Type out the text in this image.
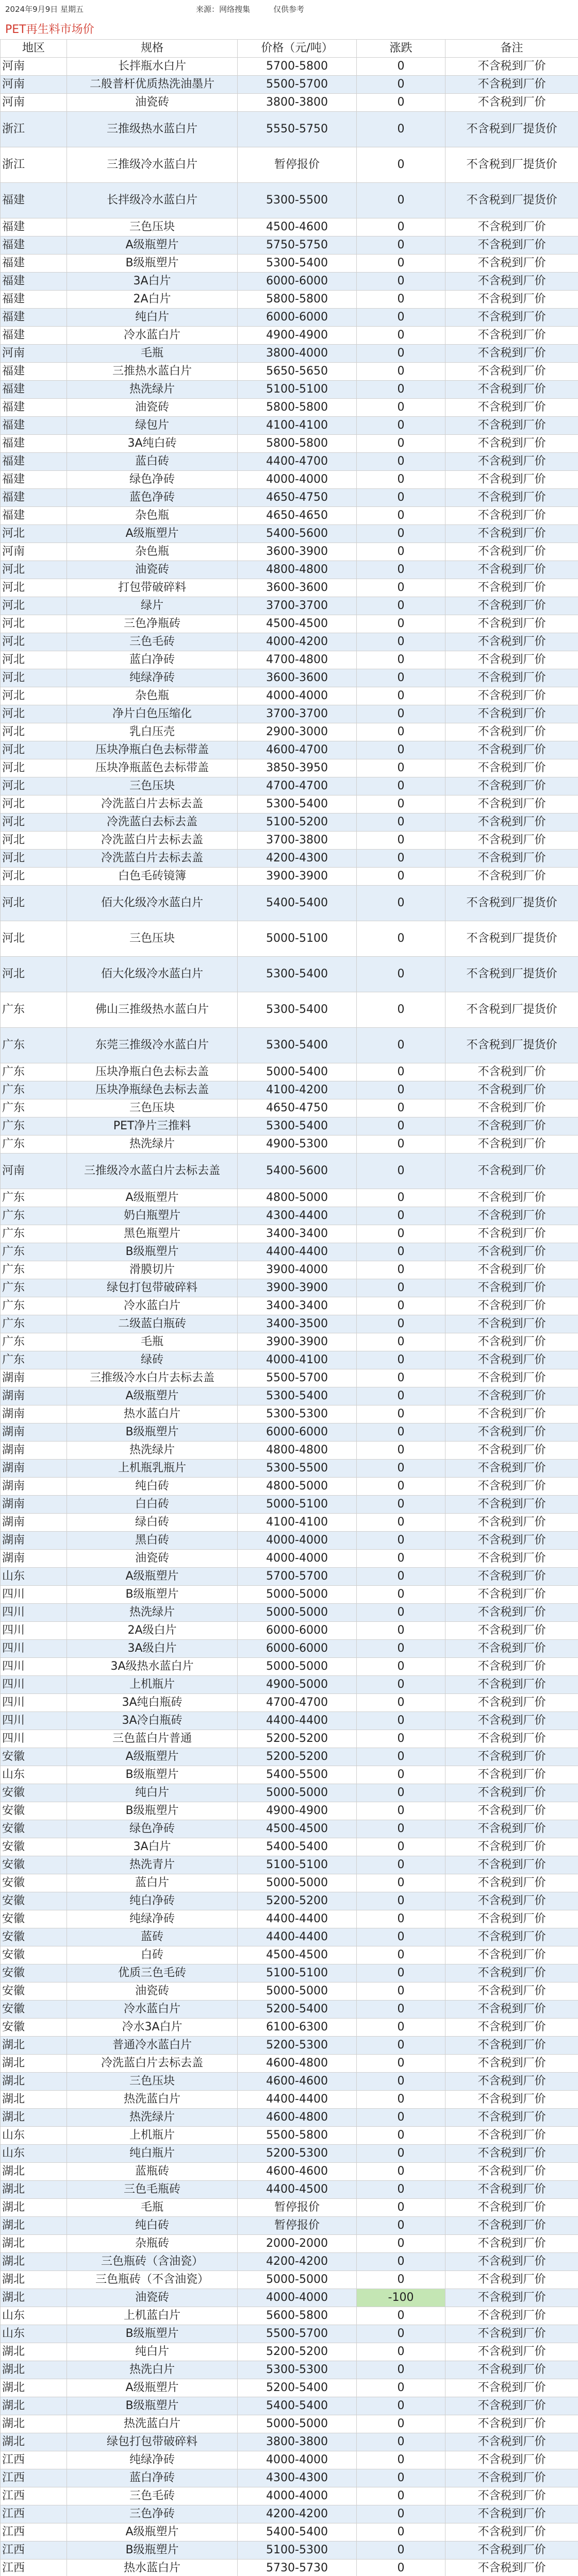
2024年9月9日 星期五	来源：网络搜集	仅供参考
PET再生料市场价
地区	规格	价格（元/吨）	涨跌	备注
河南	长拌瓶水白片	5700-5800	0	不含税到厂价
河南	二般普杆优质热洗油墨片	5500-5700	0	不含税到厂价
河南	油瓷砖	3800-3800	0	不含税到厂价
浙江	三推级热水蓝白片	5550-5750	0	不含税到厂提货价
浙江	三推级冷水蓝白片	暂停报价	0	不含税到厂提货价
福建	长拌级冷水蓝白片	5300-5500	0	不含税到厂提货价
福建	三色压块	4500-4600	0	不含税到厂价
福建	A级瓶塑片	5750-5750	0	不含税到厂价
福建	B级瓶塑片	5300-5400	0	不含税到厂价
福建	3A白片	6000-6000	0	不含税到厂价
福建	2A白片	5800-5800	0	不含税到厂价
福建	纯白片	6000-6000	0	不含税到厂价
福建	冷水蓝白片	4900-4900	0	不含税到厂价
河南	毛瓶	3800-4000	0	不含税到厂价
福建	三推热水蓝白片	5650-5650	0	不含税到厂价
福建	热洗绿片	5100-5100	0	不含税到厂价
福建	油瓷砖	5800-5800	0	不含税到厂价
福建	绿包片	4100-4100	0	不含税到厂价
福建	3A纯白砖	5800-5800	0	不含税到厂价
福建	蓝白砖	4400-4700	0	不含税到厂价
福建	绿色净砖	4000-4000	0	不含税到厂价
福建	蓝色净砖	4650-4750	0	不含税到厂价
福建	杂色瓶	4650-4650	0	不含税到厂价
河北	A级瓶塑片	5400-5600	0	不含税到厂价
河南	杂色瓶	3600-3900	0	不含税到厂价
河北	油瓷砖	4800-4800	0	不含税到厂价
河北	打包带破碎料	3600-3600	0	不含税到厂价
河北	绿片	3700-3700	0	不含税到厂价
河北	三色净瓶砖	4500-4500	0	不含税到厂价
河北	三色毛砖	4000-4200	0	不含税到厂价
河北	蓝白净砖	4700-4800	0	不含税到厂价
河北	纯绿净砖	3600-3600	0	不含税到厂价
河北	杂色瓶	4000-4000	0	不含税到厂价
河北	净片白色压缩化	3700-3700	0	不含税到厂价
河北	乳白压壳	2900-3000	0	不含税到厂价
河北	压块净瓶白色去标带盖	4600-4700	0	不含税到厂价
河北	压块净瓶蓝色去标带盖	3850-3950	0	不含税到厂价
河北	三色压块	4700-4700	0	不含税到厂价
河北	冷洗蓝白片去标去盖	5300-5400	0	不含税到厂价
河北	冷洗蓝白去标去盖	5100-5200	0	不含税到厂价
河北	冷洗蓝白片去标去盖	3700-3800	0	不含税到厂价
河北	冷洗蓝白片去标去盖	4200-4300	0	不含税到厂价
河北	白色毛砖镜簿	3900-3900	0	不含税到厂价
河北	佰大化级冷水蓝白片	5400-5400	0	不含税到厂提货价
河北	三色压块	5000-5100	0	不含税到厂提货价
河北	佰大化级冷水蓝白片	5300-5400	0	不含税到厂提货价
广东	佛山三推级热水蓝白片	5300-5400	0	不含税到厂提货价
广东	东莞三推级冷水蓝白片	5300-5400	0	不含税到厂提货价
广东	压块净瓶白色去标去盖	5000-5400	0	不含税到厂价
广东	压块净瓶绿色去标去盖	4100-4200	0	不含税到厂价
广东	三色压块	4650-4750	0	不含税到厂价
广东	PET净片三推料	5300-5400	0	不含税到厂价
广东	热洗绿片	4900-5300	0	不含税到厂价
河南	三推级冷水蓝白片去标去盖	5400-5600	0	不含税到厂价
广东	A级瓶塑片	4800-5000	0	不含税到厂价
广东	奶白瓶塑片	4300-4400	0	不含税到厂价
广东	黑色瓶塑片	3400-3400	0	不含税到厂价
广东	B级瓶塑片	4400-4400	0	不含税到厂价
广东	滑膜切片	3900-4000	0	不含税到厂价
广东	绿包打包带破碎料	3900-3900	0	不含税到厂价
广东	冷水蓝白片	3400-3400	0	不含税到厂价
广东	二级蓝白瓶砖	3400-3500	0	不含税到厂价
广东	毛瓶	3900-3900	0	不含税到厂价
广东	绿砖	4000-4100	0	不含税到厂价
湖南	三推级冷水白片去标去盖	5500-5700	0	不含税到厂价
湖南	A级瓶塑片	5300-5400	0	不含税到厂价
湖南	热水蓝白片	5300-5300	0	不含税到厂价
湖南	B级瓶塑片	6000-6000	0	不含税到厂价
湖南	热洗绿片	4800-4800	0	不含税到厂价
湖南	上机瓶乳瓶片	5300-5500	0	不含税到厂价
湖南	纯白砖	4800-5000	0	不含税到厂价
湖南	白白砖	5000-5100	0	不含税到厂价
湖南	绿白砖	4100-4100	0	不含税到厂价
湖南	黑白砖	4000-4000	0	不含税到厂价
湖南	油瓷砖	4000-4000	0	不含税到厂价
山东	A级瓶塑片	5700-5700	0	不含税到厂价
四川	B级瓶塑片	5000-5000	0	不含税到厂价
四川	热洗绿片	5000-5000	0	不含税到厂价
四川	2A级白片	6000-6000	0	不含税到厂价
四川	3A级白片	6000-6000	0	不含税到厂价
四川	3A级热水蓝白片	5000-5000	0	不含税到厂价
四川	上机瓶片	4900-5000	0	不含税到厂价
四川	3A纯白瓶砖	4700-4700	0	不含税到厂价
四川	3A冷白瓶砖	4400-4400	0	不含税到厂价
四川	三色蓝白片普通	5200-5200	0	不含税到厂价
安徽	A级瓶塑片	5200-5200	0	不含税到厂价
山东	B级瓶塑片	5400-5500	0	不含税到厂价
安徽	纯白片	5000-5000	0	不含税到厂价
安徽	B级瓶塑片	4900-4900	0	不含税到厂价
安徽	绿色净砖	4500-4500	0	不含税到厂价
安徽	3A白片	5400-5400	0	不含税到厂价
安徽	热洗青片	5100-5100	0	不含税到厂价
安徽	蓝白片	5000-5000	0	不含税到厂价
安徽	纯白净砖	5200-5200	0	不含税到厂价
安徽	纯绿净砖	4400-4400	0	不含税到厂价
安徽	蓝砖	4400-4400	0	不含税到厂价
安徽	白砖	4500-4500	0	不含税到厂价
安徽	优质三色毛砖	5100-5100	0	不含税到厂价
安徽	油瓷砖	5000-5000	0	不含税到厂价
安徽	冷水蓝白片	5200-5400	0	不含税到厂价
安徽	冷水3A白片	6100-6300	0	不含税到厂价
湖北	普通冷水蓝白片	5200-5300	0	不含税到厂价
湖北	冷洗蓝白片去标去盖	4600-4800	0	不含税到厂价
湖北	三色压块	4600-4600	0	不含税到厂价
湖北	热洗蓝白片	4400-4400	0	不含税到厂价
湖北	热洗绿片	4600-4800	0	不含税到厂价
山东	上机瓶片	5500-5800	0	不含税到厂价
山东	纯白瓶片	5200-5300	0	不含税到厂价
湖北	蓝瓶砖	4600-4600	0	不含税到厂价
湖北	三色毛瓶砖	4400-4500	0	不含税到厂价
湖北	毛瓶	暂停报价	0	不含税到厂价
湖北	纯白砖	暂停报价	0	不含税到厂价
湖北	杂瓶砖	2000-2000	0	不含税到厂价
湖北	三色瓶砖（含油瓷）	4200-4200	0	不含税到厂价
湖北	三色瓶砖（不含油瓷）	5000-5000	0	不含税到厂价
湖北	油瓷砖	4000-4000	-100	不含税到厂价
山东	上机蓝白片	5600-5800	0	不含税到厂价
山东	B级瓶塑片	5500-5700	0	不含税到厂价
湖北	纯白片	5200-5200	0	不含税到厂价
湖北	热洗白片	5300-5300	0	不含税到厂价
湖北	A级瓶塑片	5200-5400	0	不含税到厂价
湖北	B级瓶塑片	5400-5400	0	不含税到厂价
湖北	热洗蓝白片	5000-5000	0	不含税到厂价
湖北	绿包打包带破碎料	3800-3800	0	不含税到厂价
江西	纯绿净砖	4000-4000	0	不含税到厂价
江西	蓝白净砖	4300-4300	0	不含税到厂价
江西	三色毛砖	4000-4000	0	不含税到厂价
江西	三色净砖	4200-4200	0	不含税到厂价
江西	A级瓶塑片	5400-5400	0	不含税到厂价
江西	B级瓶塑片	5100-5300	0	不含税到厂价
江西	热水蓝白片	5730-5730	0	不含税到厂价
